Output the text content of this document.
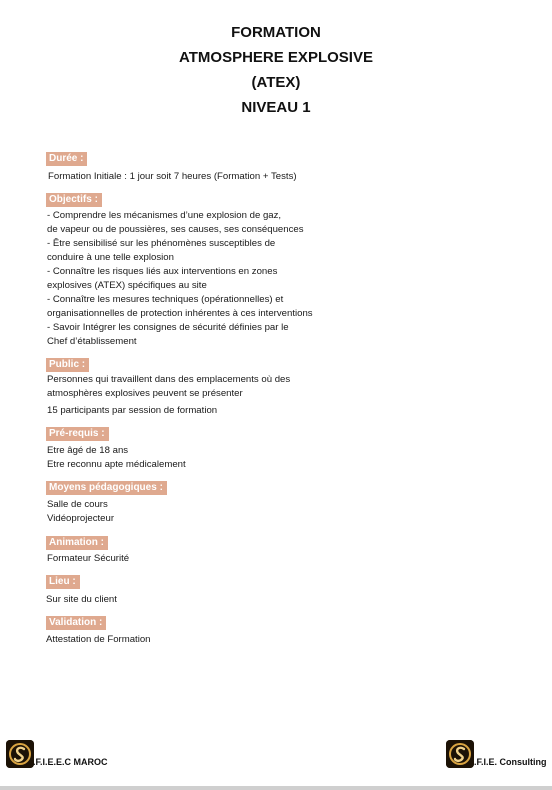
FORMATION
ATMOSPHERE EXPLOSIVE
(ATEX)
NIVEAU 1
Durée :
Formation Initiale : 1 jour soit 7 heures (Formation + Tests)
Objectifs :
- Comprendre les mécanismes d’une explosion de gaz,
de vapeur ou de poussières, ses causes, ses conséquences
- Être sensibilisé sur les phénomènes susceptibles de
conduire à une telle explosion
- Connaître les risques liés aux interventions en zones
explosives (ATEX) spécifiques au site
- Connaître les mesures techniques (opérationnelles) et
organisationnelles de protection inhérentes à ces interventions
- Savoir Intégrer les consignes de sécurité définies par le
Chef d’établissement
Public :
Personnes qui travaillent dans des emplacements où des
atmosphères explosives peuvent se présenter
15 participants par session de formation
Pré-requis :
Etre âgé de 18 ans
Etre reconnu apte médicalement
Moyens pédagogiques :
Salle de cours
Vidéoprojecteur
Animation :
Formateur Sécurité
Lieu :
Sur site du client
Validation :
Attestation de Formation
.F.I.E.E.C MAROC	.F.I.E. Consulting
